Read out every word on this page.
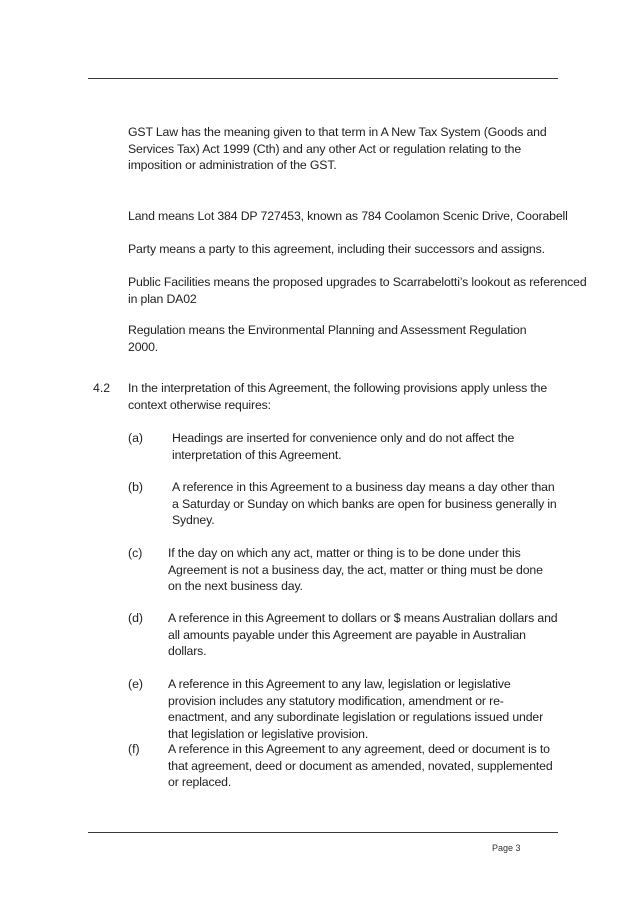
GST Law has the meaning given to that term in A New Tax System (Goods and Services Tax) Act 1999 (Cth) and any other Act or regulation relating to the imposition or administration of the GST.
Land means Lot 384 DP 727453, known as 784 Coolamon Scenic Drive, Coorabell
Party means a party to this agreement, including their successors and assigns.
Public Facilities means the proposed upgrades to Scarrabelotti’s lookout as referenced in plan DA02
Regulation means the Environmental Planning and Assessment Regulation 2000.
4.2 In the interpretation of this Agreement, the following provisions apply unless the context otherwise requires:
(a) Headings are inserted for convenience only and do not affect the interpretation of this Agreement.
(b) A reference in this Agreement to a business day means a day other than a Saturday or Sunday on which banks are open for business generally in Sydney.
(c) If the day on which any act, matter or thing is to be done under this Agreement is not a business day, the act, matter or thing must be done on the next business day.
(d) A reference in this Agreement to dollars or $ means Australian dollars and all amounts payable under this Agreement are payable in Australian dollars.
(e) A reference in this Agreement to any law, legislation or legislative provision includes any statutory modification, amendment or re-enactment, and any subordinate legislation or regulations issued under that legislation or legislative provision.
(f) A reference in this Agreement to any agreement, deed or document is to that agreement, deed or document as amended, novated, supplemented or replaced.
Page 3
